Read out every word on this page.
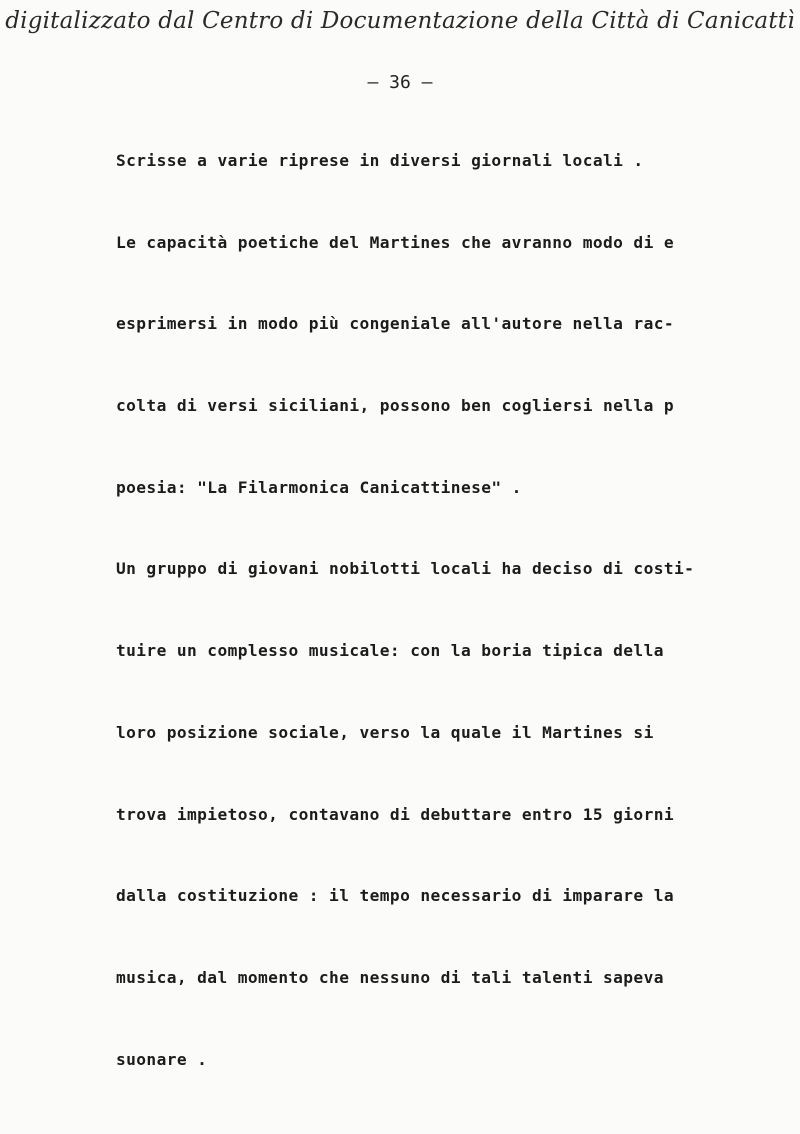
digitalizzato dal Centro di Documentazione della Città di Canicattì
– 36 –
Scrisse a varie riprese in diversi giornali locali .
Le capacità poetiche del Martines che avranno modo di e
esprimersi in modo più congeniale all'autore nella rac-
colta di versi siciliani, possono ben cogliersi nella p
poesia: "La Filarmonica Canicattinese" .
Un gruppo di giovani nobilotti locali ha deciso di costi-
tuire un complesso musicale: con la boria tipica della
loro posizione sociale, verso la quale il Martines si
trova impietoso, contavano di debuttare entro 15 giorni
dalla costituzione : il tempo necessario di imparare la
musica, dal momento che nessuno di tali talenti sapeva
suonare .
